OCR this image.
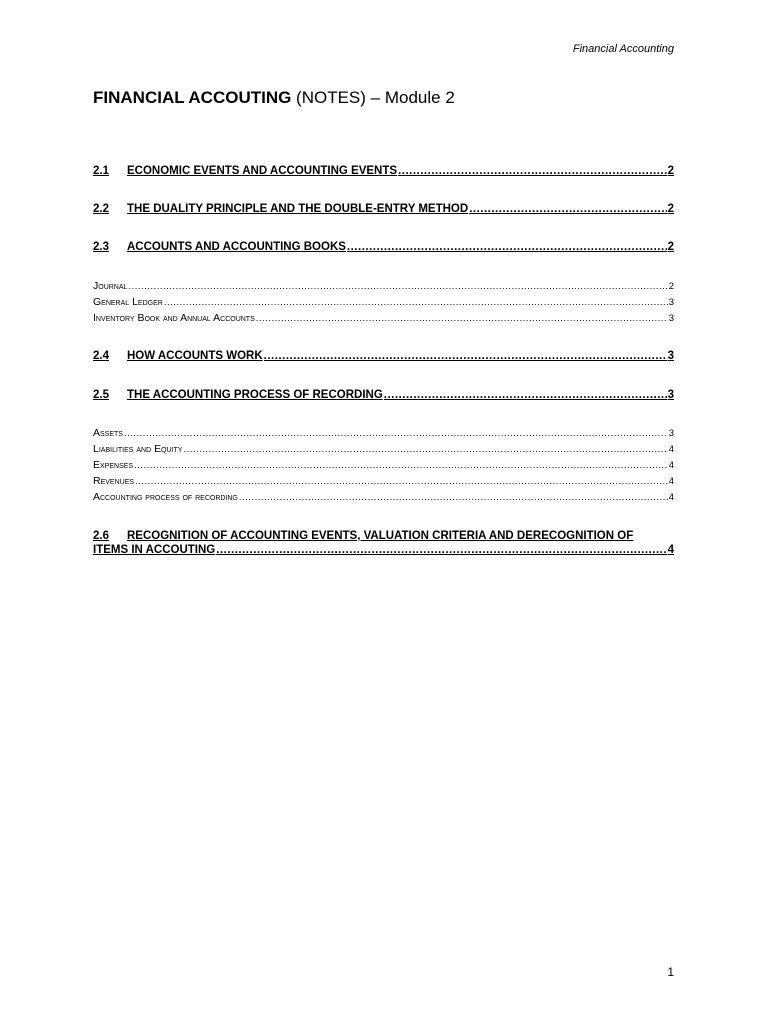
Financial Accounting
FINANCIAL ACCOUTING (NOTES) – Module 2
2.1	ECONOMIC EVENTS AND ACCOUNTING EVENTS .....	2
2.2	THE DUALITY PRINCIPLE AND THE DOUBLE-ENTRY METHOD .....	2
2.3	ACCOUNTS AND ACCOUNTING BOOKS .....	2
Journal .....	2
General Ledger .....	3
Inventory Book and Annual Accounts .....	3
2.4	HOW ACCOUNTS WORK .....	3
2.5	THE ACCOUNTING PROCESS OF RECORDING .....	3
Assets .....	3
Liabilities and Equity .....	4
Expenses .....	4
Revenues .....	4
Accounting process of recording .....	4
2.6	RECOGNITION OF ACCOUNTING EVENTS, VALUATION CRITERIA AND DERECOGNITION OF
ITEMS IN ACCOUTING .....	4
1
